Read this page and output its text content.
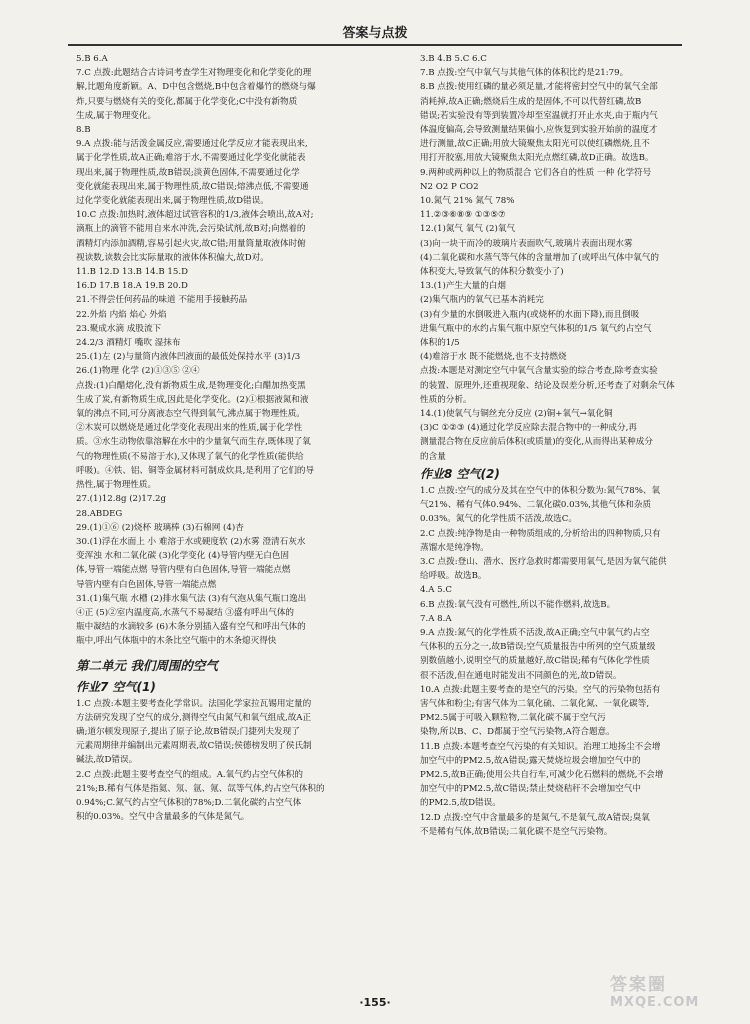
答案与点拨
5.B 6.A
7.C 点拨:此题结合古诗词考查学生对物理变化和化学变化的理
解,比题角度新颖。A、D中包含燃烧,B中包含着爆竹的燃烧与爆
炸,只要与燃烧有关的变化,都属于化学变化;C中没有新物质
生成,属于物理变化。
8.B
9.A 点拨:能与活泼金属反应,需要通过化学反应才能表现出来,
属于化学性质,故A正确;难溶于水,不需要通过化学变化就能表
现出来,属于物理性质,故B错误;淡黄色固体,不需要通过化学
变化就能表现出来,属于物理性质,故C错误;熔沸点低,不需要通
过化学变化就能表现出来,属于物理性质,故D错误。
10.C 点拨:加热时,液体超过试管容积的1/3,液体会喷出,故A对;
滴瓶上的滴管不能用自来水冲洗,会污染试剂,故B对;向燃着的
酒精灯内添加酒精,容易引起火灾,故C错;用量筒量取液体时俯
视读数,读数会比实际量取的液体体积偏大,故D对。
11.B 12.D 13.B 14.B 15.D
16.D 17.B 18.A 19.B 20.D
21.不得尝任何药品的味道 不能用手接触药品
22.外焰 内焰 焰心 外焰
23.聚成水滴 成股流下
24.2/3 酒精灯 嘴吹 湿抹布
25.(1)左 (2)与量筒内液体凹液面的最低处保持水平 (3)1/3
26.(1)物理 化学 (2)①③⑤ ②④
点拨:(1)白醋熔化,没有新物质生成,是物理变化;白醋加热变黑
生成了炭,有新物质生成,因此是化学变化。(2)①根据液氮和液
氧的沸点不同,可分离液态空气得到氧气,沸点属于物理性质。
②木炭可以燃烧是通过化学变化表现出来的性质,属于化学性
质。③水生动物依靠溶解在水中的少量氧气而生存,既体现了氧
气的物理性质(不易溶于水),又体现了氧气的化学性质(能供给
呼吸)。④铁、铝、铜等金属材料可制成炊具,是利用了它们的导
热性,属于物理性质。
27.(1)12.8g (2)17.2g
28.ABDEG
29.(1)①⑥ (2)烧杯 玻璃棒 (3)石棉网 (4)杏
30.(1)浮在水面上 小 难溶于水或硬度软 (2)水雾 澄清石灰水
变浑浊 水和二氧化碳 (3)化学变化 (4)导管内壁无白色固
体,导管一端能点燃 导管内壁有白色固体,导管一端能点燃
导管内壁有白色固体,导管一端能点燃
31.(1)集气瓶 水槽 (2)排水集气法 (3)有气泡从集气瓶口逸出
④正 (5)②室内温度高,水蒸气不易凝结 ③盛有呼出气体的
瓶中凝结的水滴较多 (6)木条分别插入盛有空气和呼出气体的
瓶中,呼出气体瓶中的木条比空气瓶中的木条熄灭得快
第二单元 我们周围的空气
作业7 空气(1)
1.C 点拨:本题主要考查化学常识。法国化学家拉瓦锡用定量的
方法研究发现了空气的成分,测得空气由氮气和氧气组成,故A正
确;道尔顿发现原子,提出了原子论,故B错误;门捷列夫发现了
元素周期律并编制出元素周期表,故C错误;侯德榜发明了侯氏制
碱法,故D错误。
2.C 点拨:此题主要考查空气的组成。A.氧气约占空气体积的
21%;B.稀有气体是指氦、氖、氩、氪、氙等气体,约占空气体积的
0.94%;C.氮气约占空气体积的78%;D.二氧化碳约占空气体
积的0.03%。空气中含量最多的气体是氮气。
3.B 4.B 5.C 6.C
7.B 点拨:空气中氧气与其他气体的体积比约是21:79。
8.B 点拨:使用红磷的量必须足量,才能将密封空气中的氧气全部
消耗掉,故A正确;燃烧后生成的是固体,不可以代替红磷,故B
错误;若实验没有等到装置冷却至室温就打开止水夹,由于瓶内气
体温度偏高,会导致测量结果偏小,应恢复到实验开始前的温度才
进行测量,故C正确;用放大镜聚焦太阳光可以使红磷燃烧,且不
用打开胶塞,用放大镜聚焦太阳光点燃红磷,故D正确。故选B。
9.两种或两种以上的物质混合 它们各自的性质 一种 化学符号
N2 O2 P CO2
10.氮气 21% 氮气 78%
11.②③⑥⑧⑨ ①③⑤⑦
12.(1)氮气 氧气 (2)氧气
(3)向一块干而冷的玻璃片表面吹气,玻璃片表面出现水雾
(4)二氧化碳和水蒸气等气体的含量增加了(或呼出气体中氧气的
体积变大,导致氧气的体积分数变小了)
13.(1)产生大量的白烟
(2)集气瓶内的氧气已基本消耗完
(3)有少量的水倒吸进入瓶内(或烧杯的水面下降),而且倒吸
进集气瓶中的水约占集气瓶中原空气体积的1/5 氧气约占空气
体积的1/5
(4)难溶于水 既不能燃烧,也不支持燃烧
点拨:本题是对测定空气中氧气含量实验的综合考查,除考查实验
的装置、原理外,还重视现象、结论及误差分析,还考查了对剩余气体
性质的分析。
14.(1)使氧气与铜丝充分反应 (2)铜+氧气→氧化铜
(3)C ①②③ (4)通过化学反应除去混合物中的一种成分,再
测量混合物在反应前后体积(或质量)的变化,从而得出某种成分
的含量
作业8 空气(2)
1.C 点拨:空气的成分及其在空气中的体积分数为:氮气78%、氧
气21%、稀有气体0.94%、二氧化碳0.03%,其他气体和杂质
0.03%。氮气的化学性质不活泼,故选C。
2.C 点拨:纯净物是由一种物质组成的,分析给出的四种物质,只有
蒸馏水是纯净物。
3.C 点拨:登山、潜水、医疗急救时都需要用氧气,是因为氧气能供
给呼吸。故选B。
4.A 5.C
6.B 点拨:氧气没有可燃性,所以不能作燃料,故选B。
7.A 8.A
9.A 点拨:氮气的化学性质不活泼,故A正确;空气中氧气约占空
气体积的五分之一,故B错误;空气质量报告中所列的空气质量级
别数值越小,说明空气的质量越好,故C错误;稀有气体化学性质
很不活泼,但在通电时能发出不同颜色的光,故D错误。
10.A 点拨:此题主要考查的是空气的污染。空气的污染物包括有
害气体和粉尘;有害气体为二氧化硫、二氧化氮、一氧化碳等,
PM2.5属于可吸入颗粒物,二氧化碳不属于空气污
染物,所以B、C、D都属于空气污染物,A符合题意。
11.B 点拨:本题考查空气污染的有关知识。治理工地扬尘不会增
加空气中的PM2.5,故A错误;露天焚烧垃圾会增加空气中的
PM2.5,故B正确;使用公共自行车,可减少化石燃料的燃烧,不会增
加空气中的PM2.5,故C错误;禁止焚烧秸秆不会增加空气中
的PM2.5,故D错误。
12.D 点拨:空气中含量最多的是氮气,不是氧气,故A错误;臭氧
不是稀有气体,故B错误;二氧化碳不是空气污染物。
·155·
答案圈
MXQE.COM
